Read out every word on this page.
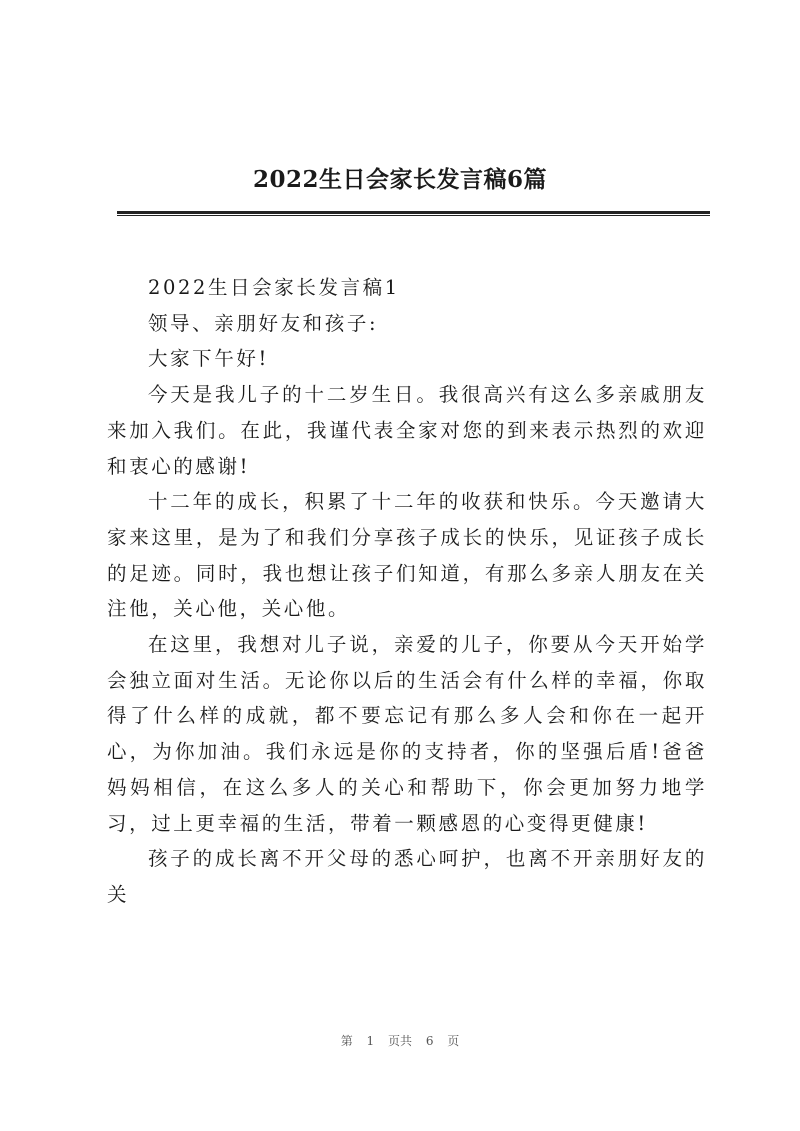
2022生日会家长发言稿6篇

2022生日会家长发言稿1

领导、亲朋好友和孩子:

大家下午好!

今天是我儿子的十二岁生日。我很高兴有这么多亲戚朋友来加入我们。在此，我谨代表全家对您的到来表示热烈的欢迎和衷心的感谢!

十二年的成长，积累了十二年的收获和快乐。今天邀请大家来这里，是为了和我们分享孩子成长的快乐，见证孩子成长的足迹。同时，我也想让孩子们知道，有那么多亲人朋友在关注他，关心他，关心他。

在这里，我想对儿子说，亲爱的儿子，你要从今天开始学会独立面对生活。无论你以后的生活会有什么样的幸福，你取得了什么样的成就，都不要忘记有那么多人会和你在一起开心，为你加油。我们永远是你的支持者，你的坚强后盾!爸爸妈妈相信，在这么多人的关心和帮助下，你会更加努力地学习，过上更幸福的生活，带着一颗感恩的心变得更健康!

孩子的成长离不开父母的悉心呵护，也离不开亲朋好友的关

第 1 页共 6 页
